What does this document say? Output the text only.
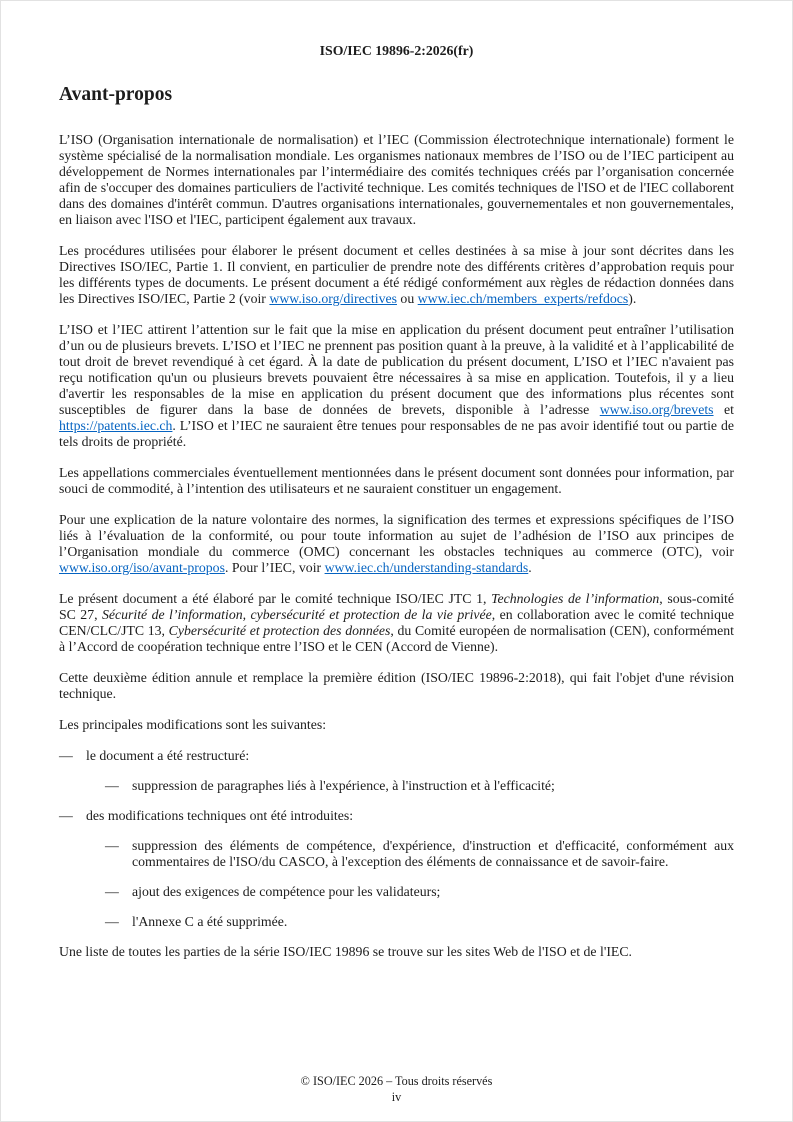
ISO/IEC 19896-2:2026(fr)
Avant-propos

L’ISO (Organisation internationale de normalisation) et l’IEC (Commission électrotechnique internationale) forment le système spécialisé de la normalisation mondiale. Les organismes nationaux membres de l’ISO ou de l’IEC participent au développement de Normes internationales par l’intermédiaire des comités techniques créés par l’organisation concernée afin de s'occuper des domaines particuliers de l'activité technique. Les comités techniques de l'ISO et de l'IEC collaborent dans des domaines d'intérêt commun. D'autres organisations internationales, gouvernementales et non gouvernementales, en liaison avec l'ISO et l'IEC, participent également aux travaux.

Les procédures utilisées pour élaborer le présent document et celles destinées à sa mise à jour sont décrites dans les Directives ISO/IEC, Partie 1. Il convient, en particulier de prendre note des différents critères d’approbation requis pour les différents types de documents. Le présent document a été rédigé conformément aux règles de rédaction données dans les Directives ISO/IEC, Partie 2 (voir www.iso.org/directives ou www.iec.ch/members_experts/refdocs).

L’ISO et l’IEC attirent l’attention sur le fait que la mise en application du présent document peut entraîner l’utilisation d’un ou de plusieurs brevets. L’ISO et l’IEC ne prennent pas position quant à la preuve, à la validité et à l’applicabilité de tout droit de brevet revendiqué à cet égard. À la date de publication du présent document, L’ISO et l’IEC n'avaient pas reçu notification qu'un ou plusieurs brevets pouvaient être nécessaires à sa mise en application. Toutefois, il y a lieu d'avertir les responsables de la mise en application du présent document que des informations plus récentes sont susceptibles de figurer dans la base de données de brevets, disponible à l’adresse www.iso.org/brevets et https://patents.iec.ch. L’ISO et l’IEC ne sauraient être tenues pour responsables de ne pas avoir identifié tout ou partie de tels droits de propriété.

Les appellations commerciales éventuellement mentionnées dans le présent document sont données pour information, par souci de commodité, à l’intention des utilisateurs et ne sauraient constituer un engagement.

Pour une explication de la nature volontaire des normes, la signification des termes et expressions spécifiques de l’ISO liés à l’évaluation de la conformité, ou pour toute information au sujet de l’adhésion de l’ISO aux principes de l’Organisation mondiale du commerce (OMC) concernant les obstacles techniques au commerce (OTC), voir www.iso.org/iso/avant-propos. Pour l’IEC, voir www.iec.ch/understanding-standards.

Le présent document a été élaboré par le comité technique ISO/IEC JTC 1, Technologies de l’information, sous-comité SC 27, Sécurité de l’information, cybersécurité et protection de la vie privée, en collaboration avec le comité technique CEN/CLC/JTC 13, Cybersécurité et protection des données, du Comité européen de normalisation (CEN), conformément à l’Accord de coopération technique entre l’ISO et le CEN (Accord de Vienne).

Cette deuxième édition annule et remplace la première édition (ISO/IEC 19896-2:2018), qui fait l'objet d'une révision technique.

Les principales modifications sont les suivantes:

— le document a été restructuré:
— suppression de paragraphes liés à l'expérience, à l'instruction et à l'efficacité;
— des modifications techniques ont été introduites:
— suppression des éléments de compétence, d'expérience, d'instruction et d'efficacité, conformément aux commentaires de l'ISO/du CASCO, à l'exception des éléments de connaissance et de savoir-faire.
— ajout des exigences de compétence pour les validateurs;
— l'Annexe C a été supprimée.

Une liste de toutes les parties de la série ISO/IEC 19896 se trouve sur les sites Web de l'ISO et de l'IEC.

© ISO/IEC 2026 – Tous droits réservés
iv
